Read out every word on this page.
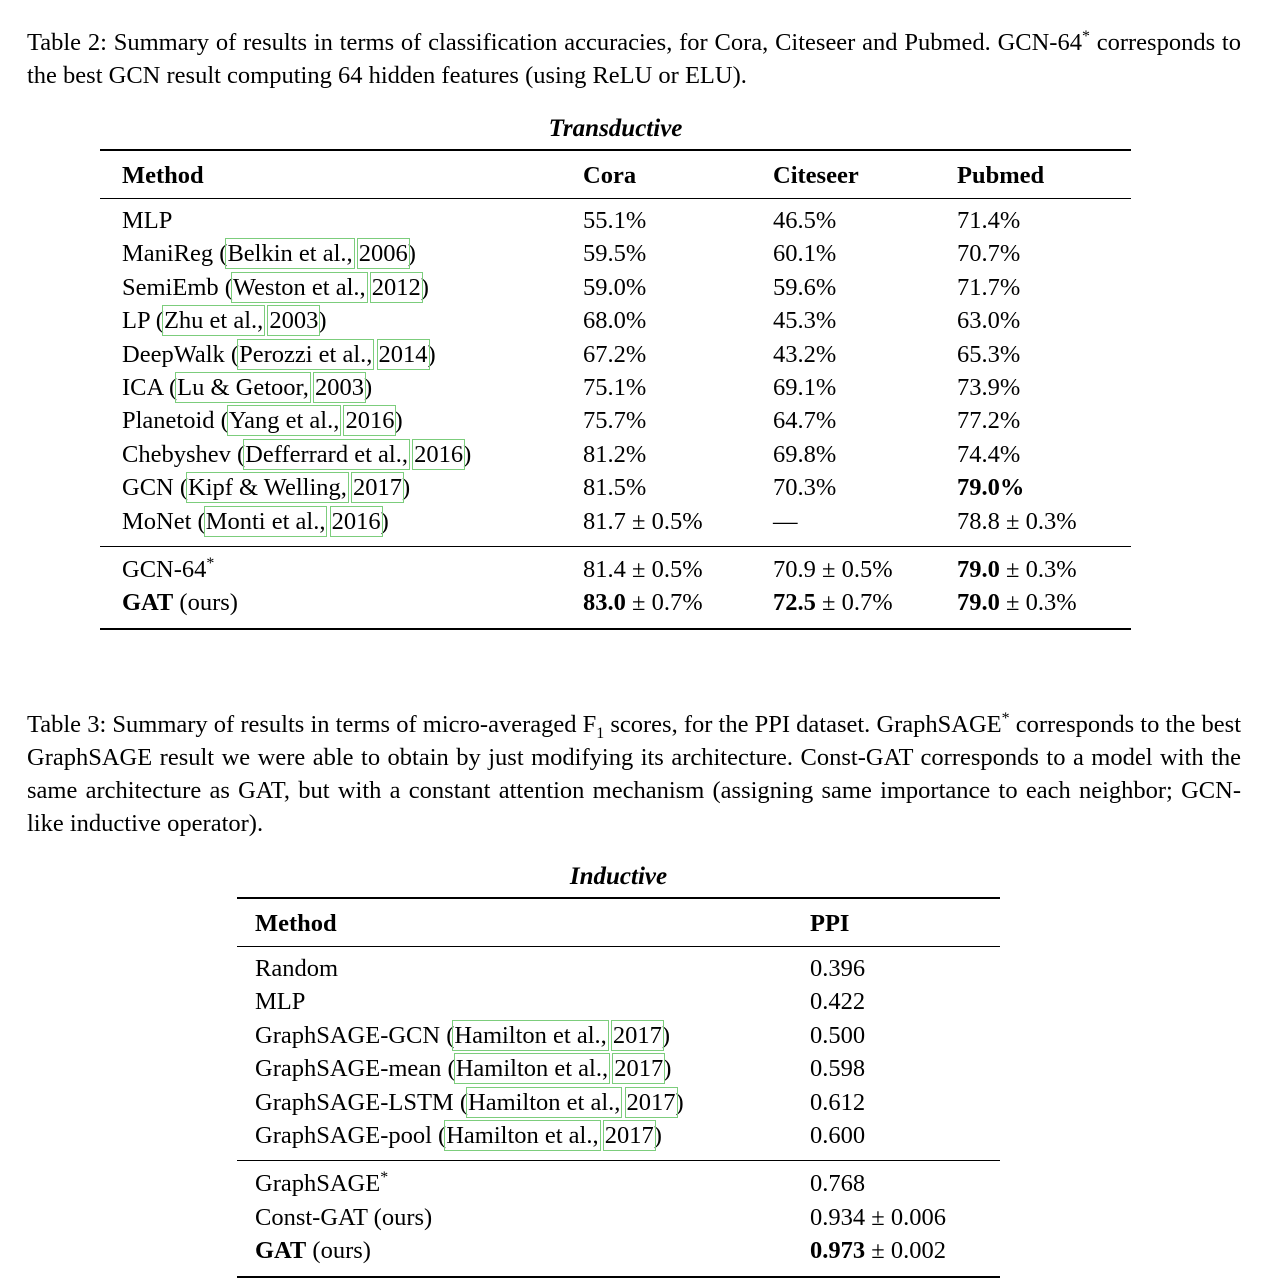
Table 2: Summary of results in terms of classification accuracies, for Cora, Citeseer and Pubmed. GCN-64* corresponds to the best GCN result computing 64 hidden features (using ReLU or ELU).

Transductive
Method	Cora	Citeseer	Pubmed
MLP	55.1%	46.5%	71.4%
ManiReg (Belkin et al., 2006)	59.5%	60.1%	70.7%
SemiEmb (Weston et al., 2012)	59.0%	59.6%	71.7%
LP (Zhu et al., 2003)	68.0%	45.3%	63.0%
DeepWalk (Perozzi et al., 2014)	67.2%	43.2%	65.3%
ICA (Lu & Getoor, 2003)	75.1%	69.1%	73.9%
Planetoid (Yang et al., 2016)	75.7%	64.7%	77.2%
Chebyshev (Defferrard et al., 2016)	81.2%	69.8%	74.4%
GCN (Kipf & Welling, 2017)	81.5%	70.3%	79.0%
MoNet (Monti et al., 2016)	81.7 ± 0.5%	—	78.8 ± 0.3%
GCN-64*	81.4 ± 0.5%	70.9 ± 0.5%	79.0 ± 0.3%
GAT (ours)	83.0 ± 0.7%	72.5 ± 0.7%	79.0 ± 0.3%

Table 3: Summary of results in terms of micro-averaged $F_1$ scores, for the PPI dataset. GraphSAGE* corresponds to the best GraphSAGE result we were able to obtain by just modifying its architecture. Const-GAT corresponds to a model with the same architecture as GAT, but with a constant attention mechanism (assigning same importance to each neighbor; GCN-like inductive operator).

Inductive
Method	PPI
Random	0.396
MLP	0.422
GraphSAGE-GCN (Hamilton et al., 2017)	0.500
GraphSAGE-mean (Hamilton et al., 2017)	0.598
GraphSAGE-LSTM (Hamilton et al., 2017)	0.612
GraphSAGE-pool (Hamilton et al., 2017)	0.600
GraphSAGE*	0.768
Const-GAT (ours)	0.934 ± 0.006
GAT (ours)	0.973 ± 0.002
